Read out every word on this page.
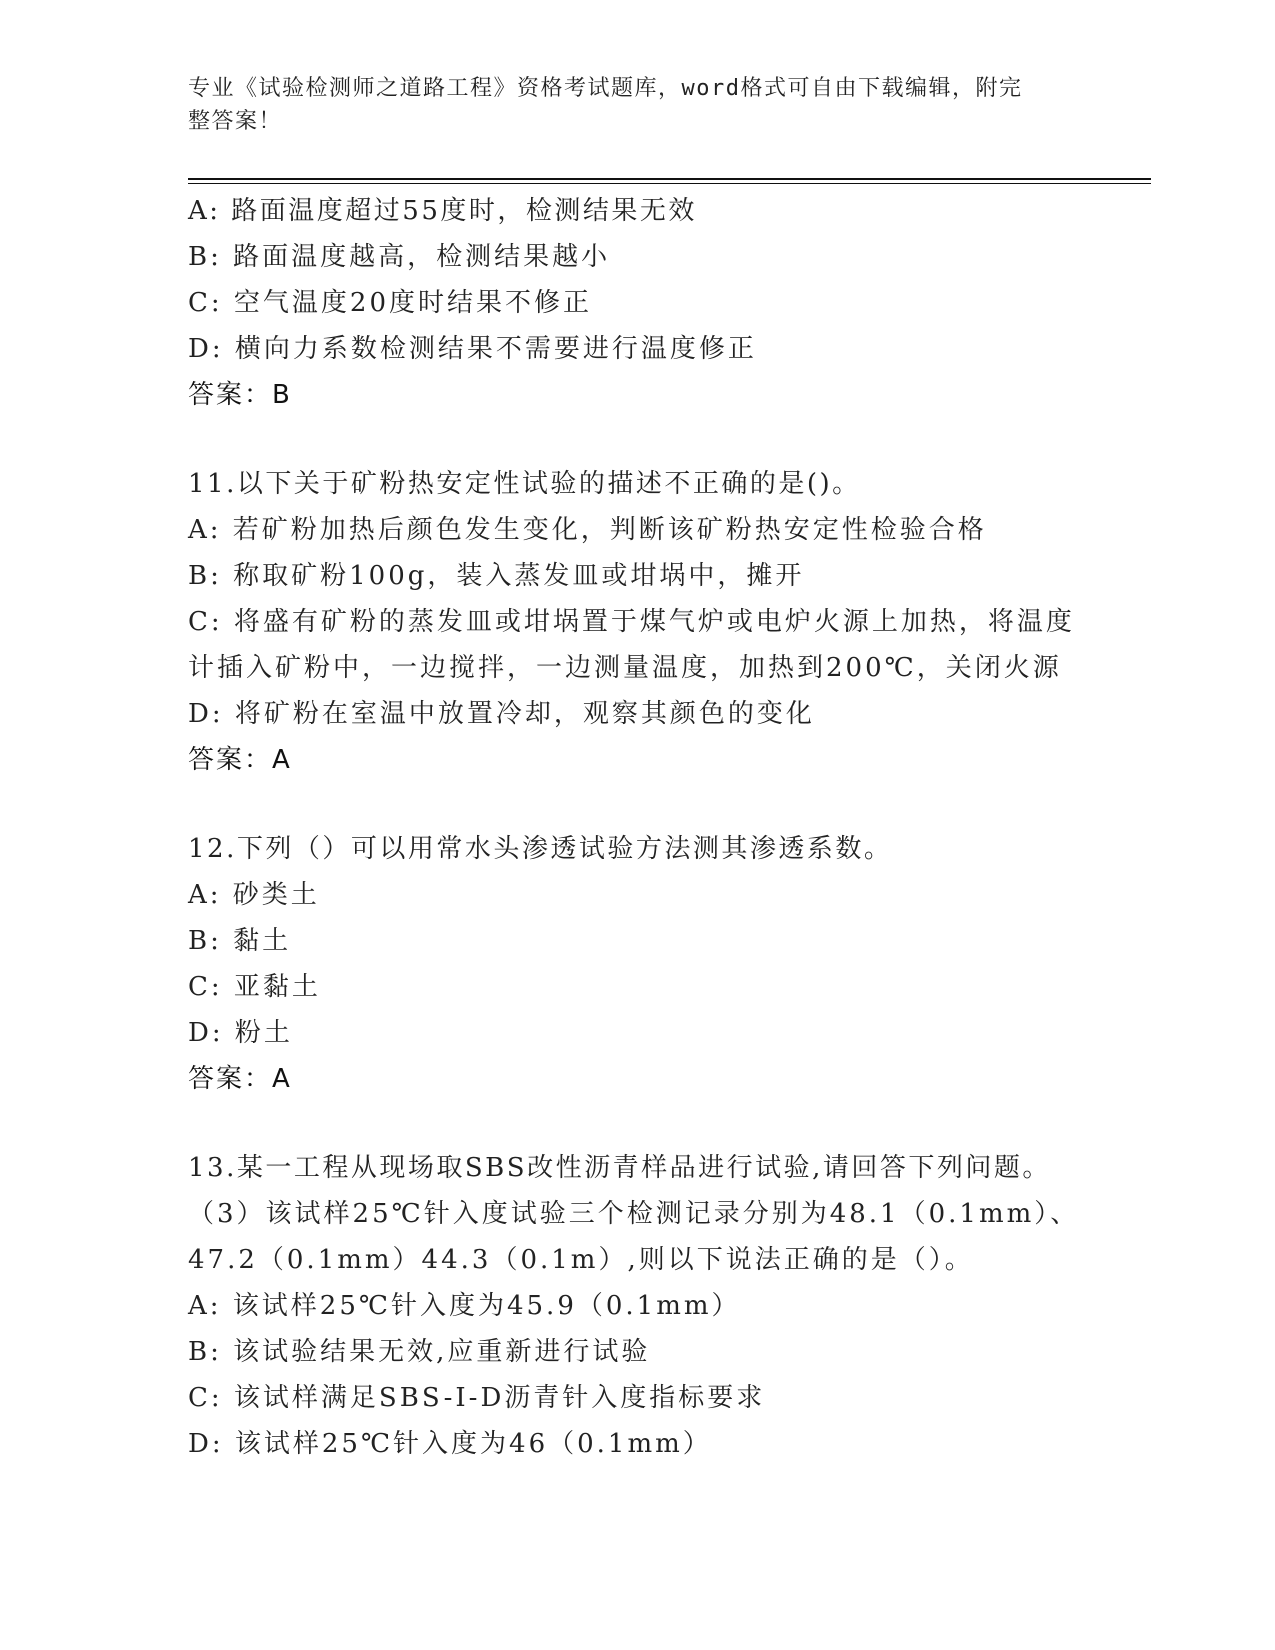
专业《试验检测师之道路工程》资格考试题库，word格式可自由下载编辑，附完
整答案！
A: 路面温度超过55度时，检测结果无效
B: 路面温度越高，检测结果越小
C: 空气温度20度时结果不修正
D: 横向力系数检测结果不需要进行温度修正
答案：B
11.以下关于矿粉热安定性试验的描述不正确的是()。
A: 若矿粉加热后颜色发生变化，判断该矿粉热安定性检验合格
B: 称取矿粉100g，装入蒸发皿或坩埚中，摊开
C: 将盛有矿粉的蒸发皿或坩埚置于煤气炉或电炉火源上加热，将温度
计插入矿粉中，一边搅拌，一边测量温度，加热到200℃，关闭火源
D: 将矿粉在室温中放置冷却，观察其颜色的变化
答案：A
12.下列（）可以用常水头渗透试验方法测其渗透系数。
A: 砂类土
B: 黏土
C: 亚黏土
D: 粉土
答案：A
13.某一工程从现场取SBS改性沥青样品进行试验,请回答下列问题。
（3）该试样25℃针入度试验三个检测记录分别为48.1（0.1mm）、
47.2（0.1mm）44.3（0.1m）,则以下说法正确的是（）。
A: 该试样25℃针入度为45.9（0.1mm）
B: 该试验结果无效,应重新进行试验
C: 该试样满足SBS-Ⅰ-D沥青针入度指标要求
D: 该试样25℃针入度为46（0.1mm）
